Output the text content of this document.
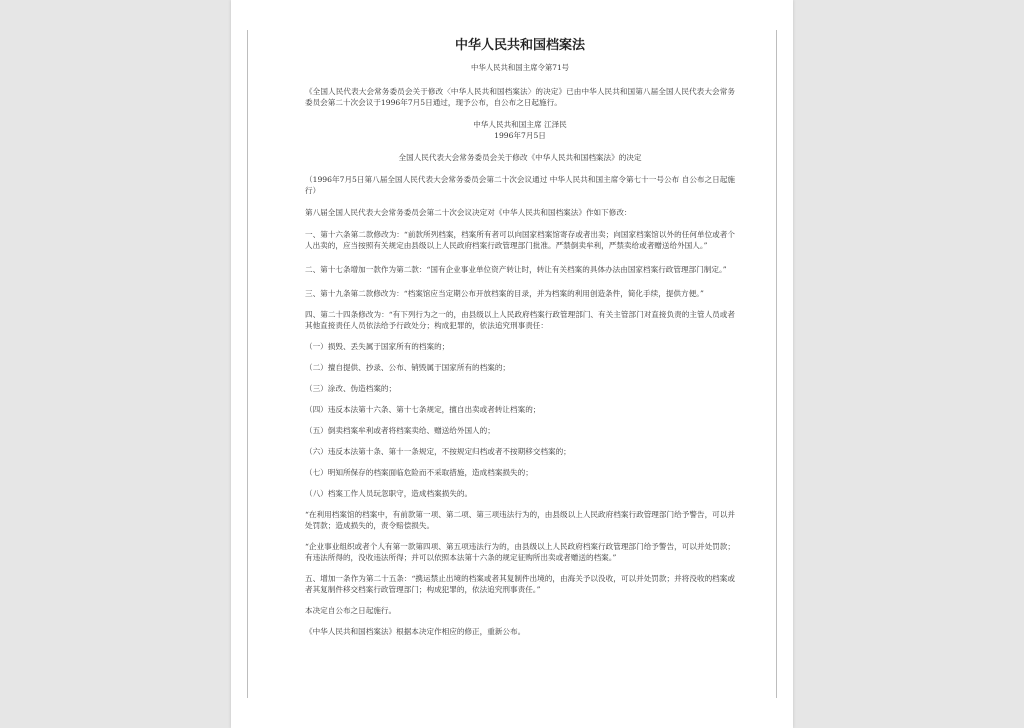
中华人民共和国档案法

中华人民共和国主席令第71号

《全国人民代表大会常务委员会关于修改〈中华人民共和国档案法〉的决定》已由中华人民共和国第八届全国人民代表大会常务委员会第二十次会议于1996年7月5日通过，现予公布，自公布之日起施行。

中华人民共和国主席 江泽民

1996年7月5日

全国人民代表大会常务委员会关于修改《中华人民共和国档案法》的决定

（1996年7月5日第八届全国人民代表大会常务委员会第二十次会议通过 中华人民共和国主席令第七十一号公布 自公布之日起施行）

第八届全国人民代表大会常务委员会第二十次会议决定对《中华人民共和国档案法》作如下修改：

一、第十六条第二款修改为：“前款所列档案，档案所有者可以向国家档案馆寄存或者出卖；向国家档案馆以外的任何单位或者个人出卖的，应当按照有关规定由县级以上人民政府档案行政管理部门批准。严禁倒卖牟利，严禁卖给或者赠送给外国人。”

二、第十七条增加一款作为第二款：“国有企业事业单位资产转让时，转让有关档案的具体办法由国家档案行政管理部门制定。”

三、第十九条第二款修改为：“档案馆应当定期公布开放档案的目录，并为档案的利用创造条件，简化手续，提供方便。”

四、第二十四条修改为：“有下列行为之一的，由县级以上人民政府档案行政管理部门、有关主管部门对直接负责的主管人员或者其他直接责任人员依法给予行政处分；构成犯罪的，依法追究刑事责任：

（一）损毁、丢失属于国家所有的档案的；

（二）擅自提供、抄录、公布、销毁属于国家所有的档案的；

（三）涂改、伪造档案的；

（四）违反本法第十六条、第十七条规定，擅自出卖或者转让档案的；

（五）倒卖档案牟利或者将档案卖给、赠送给外国人的；

（六）违反本法第十条、第十一条规定，不按规定归档或者不按期移交档案的；

（七）明知所保存的档案面临危险而不采取措施，造成档案损失的；

（八）档案工作人员玩忽职守，造成档案损失的。

“在利用档案馆的档案中，有前款第一项、第二项、第三项违法行为的，由县级以上人民政府档案行政管理部门给予警告，可以并处罚款；造成损失的，责令赔偿损失。

“企业事业组织或者个人有第一款第四项、第五项违法行为的，由县级以上人民政府档案行政管理部门给予警告，可以并处罚款；有违法所得的，没收违法所得；并可以依照本法第十六条的规定征购所出卖或者赠送的档案。”

五、增加一条作为第二十五条：“携运禁止出境的档案或者其复制件出境的，由海关予以没收，可以并处罚款；并将没收的档案或者其复制件移交档案行政管理部门；构成犯罪的，依法追究刑事责任。”

本决定自公布之日起施行。

《中华人民共和国档案法》根据本决定作相应的修正，重新公布。
